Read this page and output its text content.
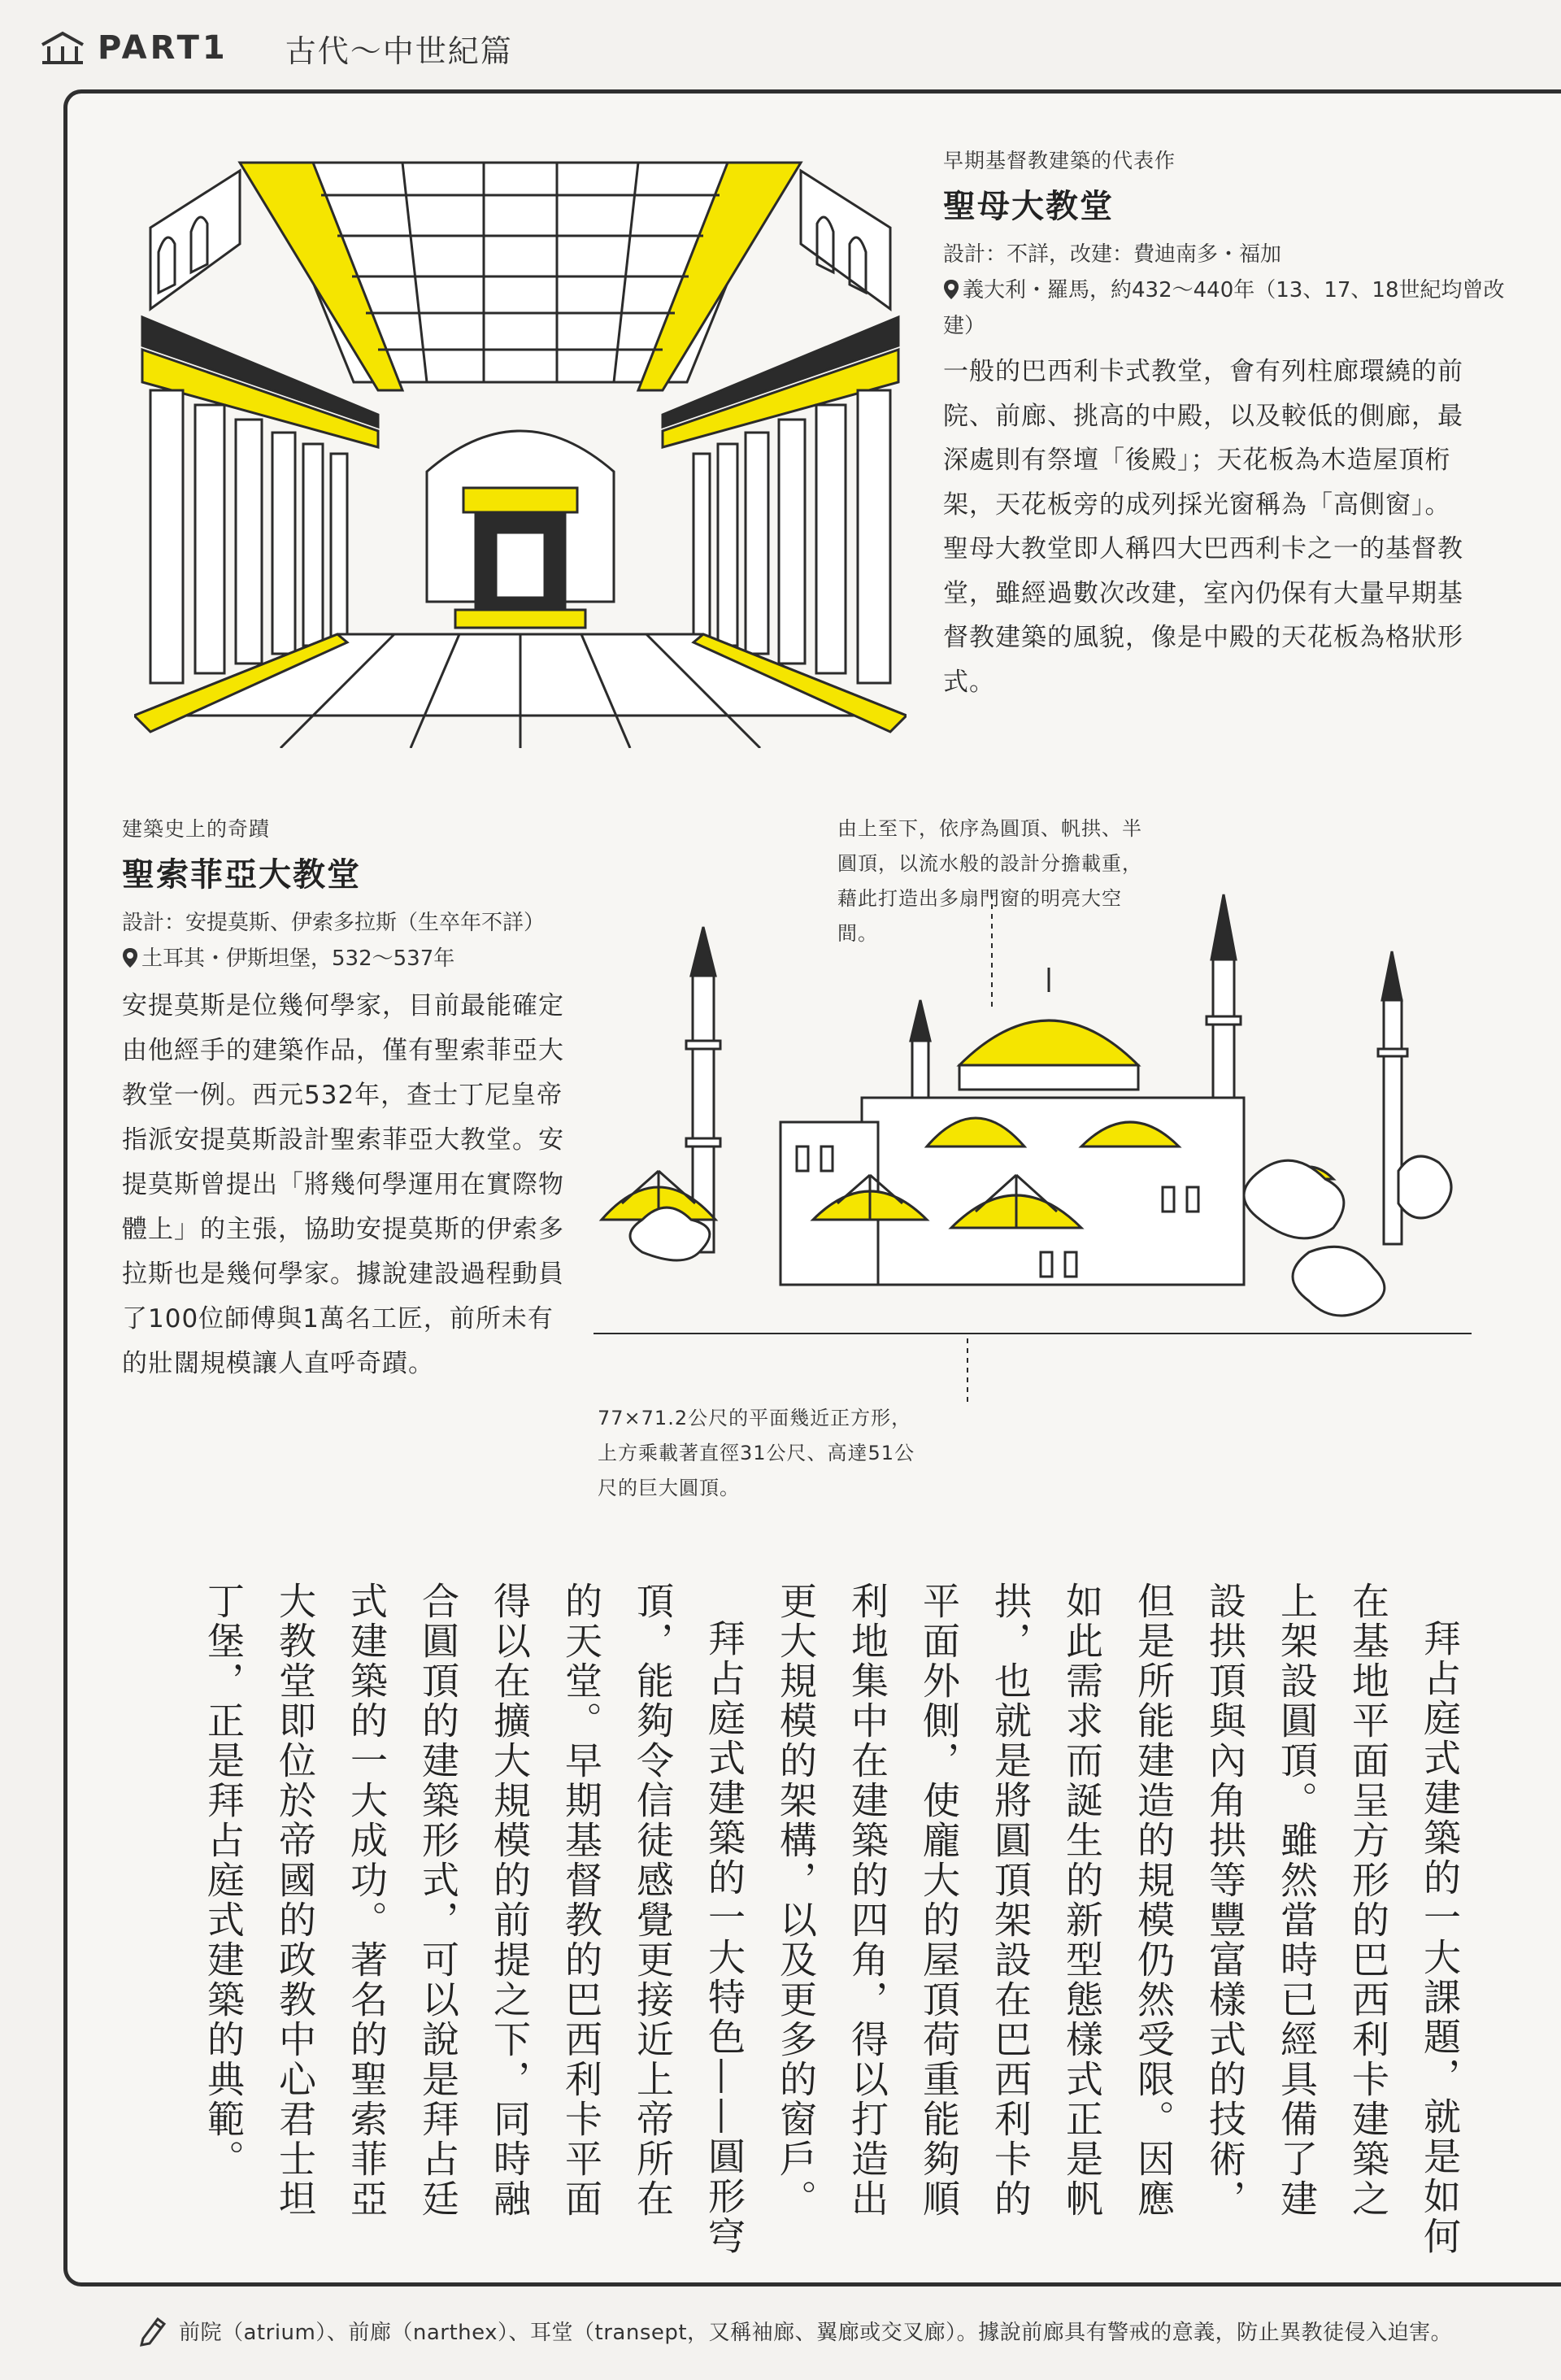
PART1 古代～中世紀篇
早期基督教建築的代表作
聖母大教堂
設計：不詳，改建：費迪南多・福加
義大利・羅馬，約432～440年（13、17、18世紀均曾改建）
一般的巴西利卡式教堂，會有列柱廊環繞的前院、前廊、挑高的中殿，以及較低的側廊，最深處則有祭壇「後殿」；天花板為木造屋頂桁架，天花板旁的成列採光窗稱為「高側窗」。聖母大教堂即人稱四大巴西利卡之一的基督教堂，雖經過數次改建，室內仍保有大量早期基督教建築的風貌，像是中殿的天花板為格狀形式。
建築史上的奇蹟
聖索菲亞大教堂
設計：安提莫斯、伊索多拉斯（生卒年不詳）
土耳其・伊斯坦堡，532～537年
安提莫斯是位幾何學家，目前最能確定由他經手的建築作品，僅有聖索菲亞大教堂一例。西元532年，查士丁尼皇帝指派安提莫斯設計聖索菲亞大教堂。安提莫斯曾提出「將幾何學運用在實際物體上」的主張，協助安提莫斯的伊索多拉斯也是幾何學家。據說建設過程動員了100位師傅與1萬名工匠，前所未有的壯闊規模讓人直呼奇蹟。
由上至下，依序為圓頂、帆拱、半圓頂，以流水般的設計分擔載重，藉此打造出多扇門窗的明亮大空間。
77×71.2公尺的平面幾近正方形，上方乘載著直徑31公尺、高達51公尺的巨大圓頂。

拜占庭式建築的一大課題，就是如何在基地平面呈方形的巴西利卡建築之上架設圓頂。雖然當時已經具備了建設拱頂與內角拱等豐富樣式的技術，但是所能建造的規模仍然受限。因應如此需求而誕生的新型態樣式正是帆拱，也就是將圓頂架設在巴西利卡的平面外側，使龐大的屋頂荷重能夠順利地集中在建築的四角，得以打造出更大規模的架構，以及更多的窗戶。

拜占庭式建築的一大特色——圓形穹頂，能夠令信徒感覺更接近上帝所在的天堂。早期基督教的巴西利卡平面得以在擴大規模的前提之下，同時融合圓頂的建築形式，可以說是拜占廷式建築的一大成功。著名的聖索菲亞大教堂即位於帝國的政教中心君士坦丁堡，正是拜占庭式建築的典範。

前院（atrium）、前廊（narthex）、耳堂（transept，又稱袖廊、翼廊或交叉廊）。據說前廊具有警戒的意義，防止異教徒侵入迫害。
